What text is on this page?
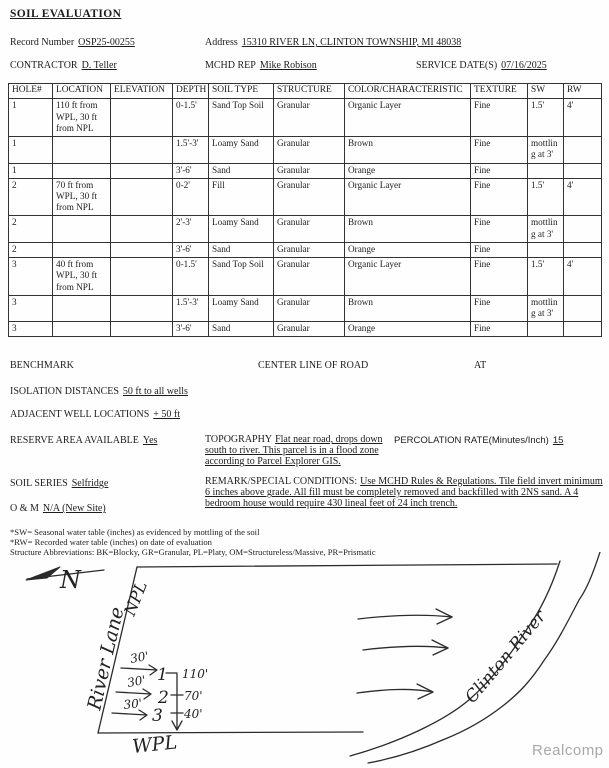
SOIL EVALUATION
Record Number OSP25-00255	Address 15310 RIVER LN, CLINTON TOWNSHIP, MI 48038
CONTRACTOR D. Teller	MCHD REP Mike Robison	SERVICE DATE(S) 07/16/2025
HOLE#	LOCATION	ELEVATION	DEPTH	SOIL TYPE	STRUCTURE	COLOR/CHARACTERISTIC	TEXTURE	SW	RW
1	110 ft from WPL, 30 ft from NPL		0-1.5'	Sand Top Soil	Granular	Organic Layer	Fine	1.5'	4'
1			1.5'-3'	Loamy Sand	Granular	Brown	Fine	mottling at 3'	
1			3'-6'	Sand	Granular	Orange	Fine		
2	70 ft from WPL, 30 ft from NPL		0-2'	Fill	Granular	Organic Layer	Fine	1.5'	4'
2			2'-3'	Loamy Sand	Granular	Brown	Fine	mottling at 3'	
2			3'-6'	Sand	Granular	Orange	Fine		
3	40 ft from WPL, 30 ft from NPL		0-1.5'	Sand Top Soil	Granular	Organic Layer	Fine	1.5'	4'
3			1.5'-3'	Loamy Sand	Granular	Brown	Fine	mottling at 3'	
3			3'-6'	Sand	Granular	Orange	Fine		
BENCHMARK	CENTER LINE OF ROAD	AT
ISOLATION DISTANCES 50 ft to all wells
ADJACENT WELL LOCATIONS + 50 ft
RESERVE AREA AVAILABLE Yes	TOPOGRAPHY Flat near road, drops down south to river. This parcel is in a flood zone according to Parcel Explorer GIS.
PERCOLATION RATE(Minutes/Inch) 15
SOIL SERIES Selfridge	REMARK/SPECIAL CONDITIONS: Use MCHD Rules & Regulations. Tile field invert minimum 6 inches above grade. All fill must be completely removed and backfilled with 2NS sand. A 4 bedroom house would require 430 lineal feet of 24 inch trench.
O & M N/A (New Site)
*SW= Seasonal water table (inches) as evidenced by mottling of the soil
*RW= Recorded water table (inches) on date of evaluation
Structure Abbreviations: BK=Blocky, GR=Granular, PL=Platy, OM=Structureless/Massive, PR=Prismatic
N
Clinton River
River Lane
NPL
WPL
30'
30'
30'
1
2
3
110'
70'
40'
Realcomp
